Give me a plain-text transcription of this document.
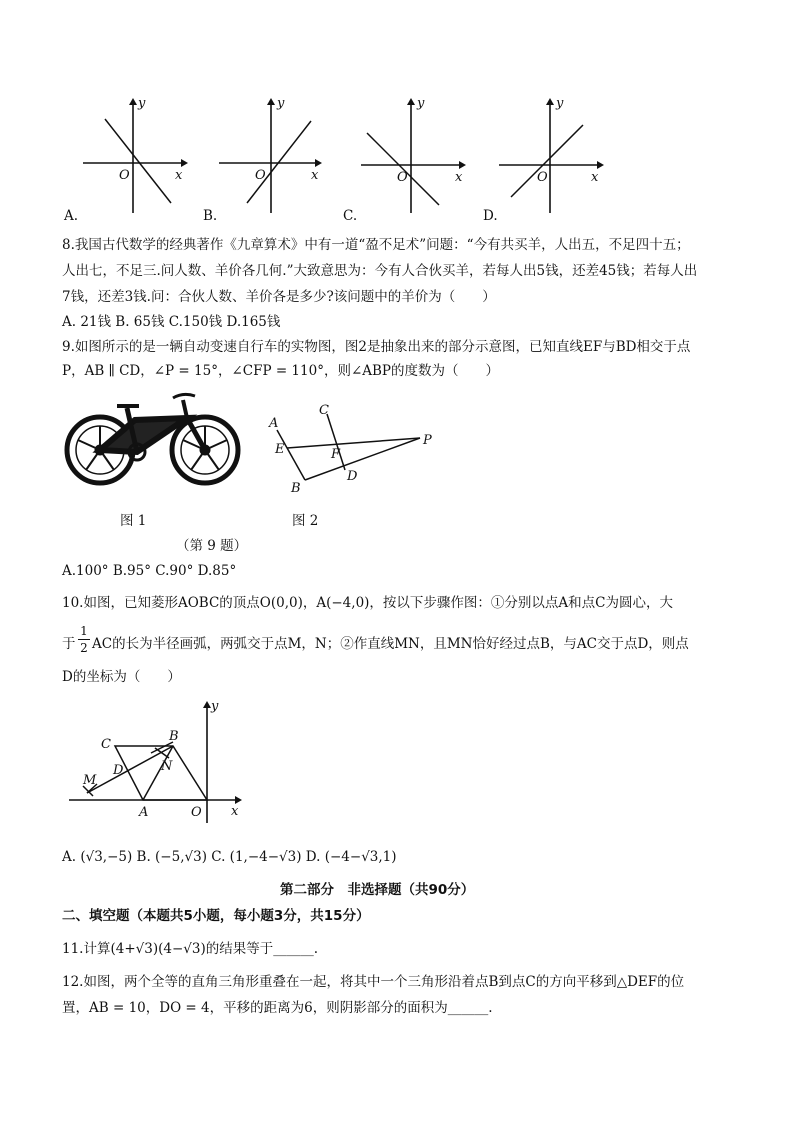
y
x
O
y
x
O
y
x
O
y
x
O
A.	B.	C.	D.
8.我国古代数学的经典著作《九章算术》中有一道“盈不足术”问题：“今有共买羊，人出五，不足四十五；
人出七，不足三.问人数、羊价各几何.”大致意思为：今有人合伙买羊，若每人出5钱，还差45钱；若每人出
7钱，还差3钱.问：合伙人数、羊价各是多少?该问题中的羊价为（　　）
A. 21钱 B. 65钱 C.150钱 D.165钱
9.如图所示的是一辆自动变速自行车的实物图，图2是抽象出来的部分示意图，已知直线EF与BD相交于点
P，AB ∥ CD，∠P = 15°，∠CFP = 110°，则∠ABP的度数为（　　）
A
C
E	F
P
D
B
图 1	图 2
（第 9 题）
A.100° B.95° C.90° D.85°
10.如图，已知菱形AOBC的顶点O(0,0)，A(−4,0)，按以下步骤作图：①分别以点A和点C为圆心，大
于
1
2 AC的长为半径画弧，两弧交于点M，N；②作直线MN，且MN恰好经过点B，与AC交于点D，则点
D的坐标为（　　）
C
B
D	N
M
A	O x
y
A. (√3,−5) B. (−5,√3) C. (1,−4−√3) D. (−4−√3,1)
第二部分　非选择题（共90分）
二、填空题（本题共5小题，每小题3分，共15分）
11.计算(4+√3)(4−√3)的结果等于______.
12.如图，两个全等的直角三角形重叠在一起，将其中一个三角形沿着点B到点C的方向平移到△DEF的位
置，AB = 10，DO = 4，平移的距离为6，则阴影部分的面积为______.
